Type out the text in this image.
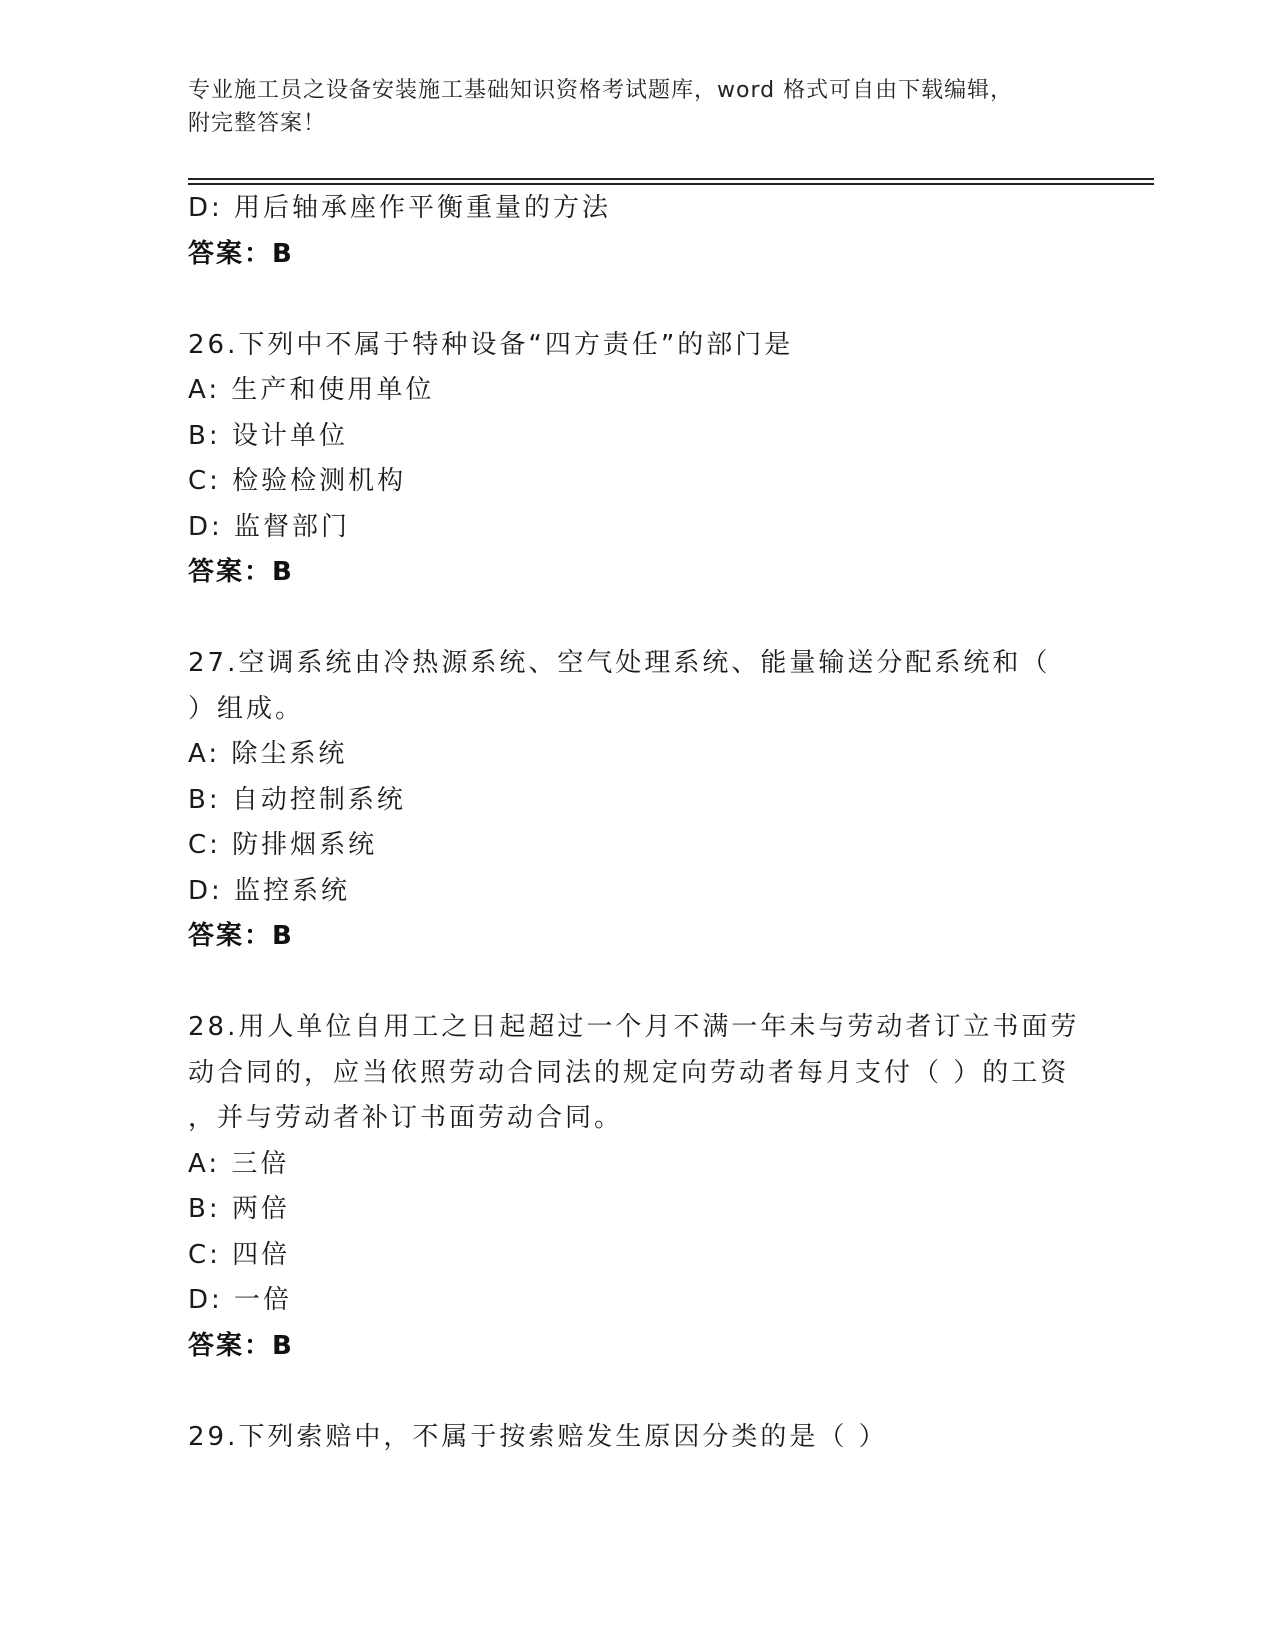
专业施工员之设备安装施工基础知识资格考试题库，word 格式可自由下载编辑，
附完整答案！
D: 用后轴承座作平衡重量的方法
答案：B
26.下列中不属于特种设备“四方责任”的部门是
A: 生产和使用单位
B: 设计单位
C: 检验检测机构
D: 监督部门
答案：B
27.空调系统由冷热源系统、空气处理系统、能量输送分配系统和（
）组成。
A: 除尘系统
B: 自动控制系统
C: 防排烟系统
D: 监控系统
答案：B
28.用人单位自用工之日起超过一个月不满一年未与劳动者订立书面劳
动合同的，应当依照劳动合同法的规定向劳动者每月支付（ ）的工资
，并与劳动者补订书面劳动合同。
A: 三倍
B: 两倍
C: 四倍
D: 一倍
答案：B
29.下列索赔中，不属于按索赔发生原因分类的是（ ）
